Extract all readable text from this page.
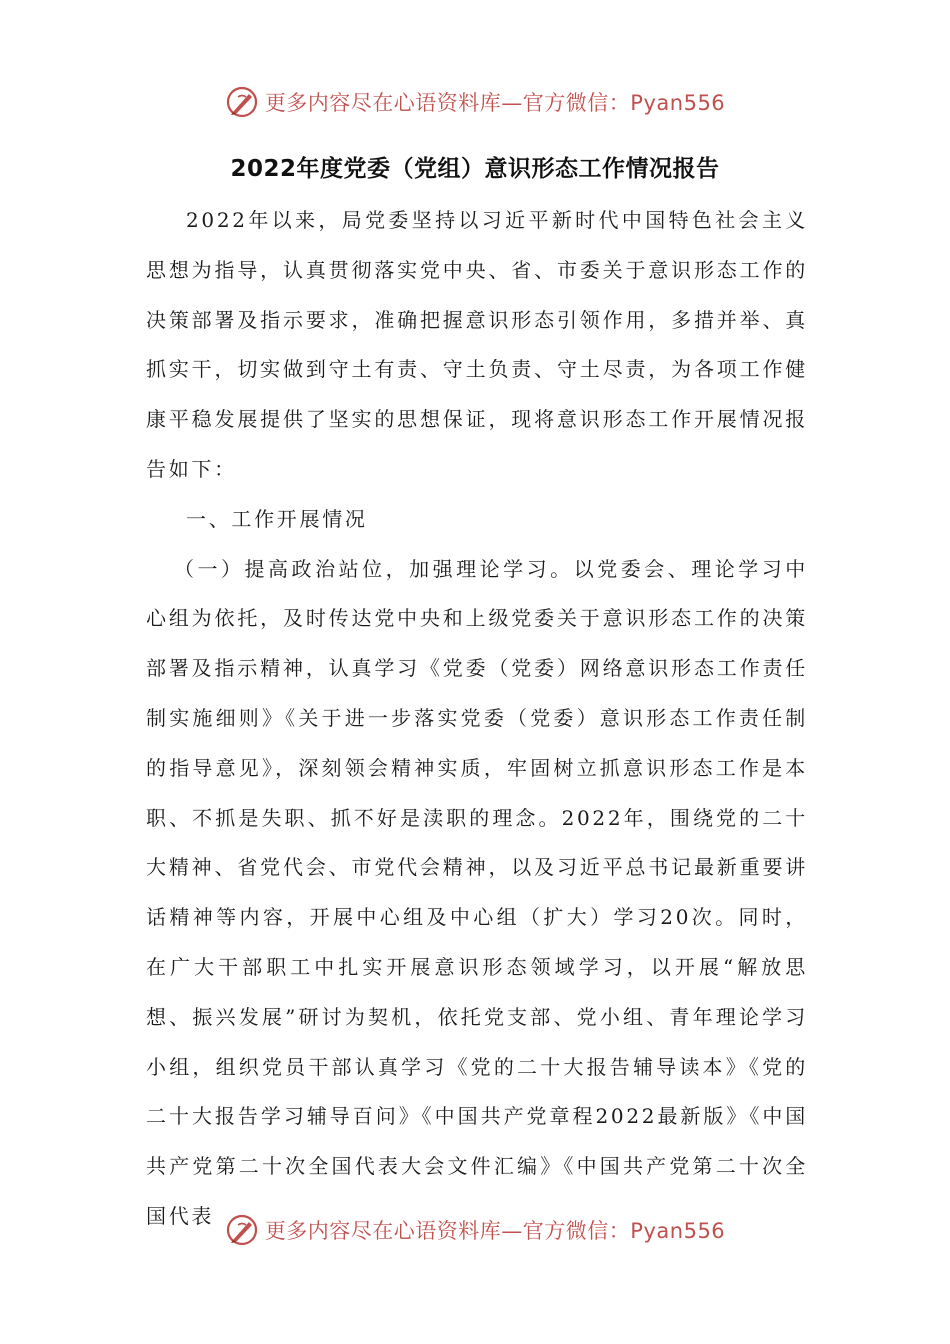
更多内容尽在心语资料库—官方微信：Pyan556
2022年度党委（党组）意识形态工作情况报告

2022年以来，局党委坚持以习近平新时代中国特色社会主义思想为指导，认真贯彻落实党中央、省、市委关于意识形态工作的决策部署及指示要求，准确把握意识形态引领作用，多措并举、真抓实干，切实做到守土有责、守土负责、守土尽责，为各项工作健康平稳发展提供了坚实的思想保证，现将意识形态工作开展情况报告如下：

一、工作开展情况

（一）提高政治站位，加强理论学习。以党委会、理论学习中心组为依托，及时传达党中央和上级党委关于意识形态工作的决策部署及指示精神，认真学习《党委（党委）网络意识形态工作责任制实施细则》《关于进一步落实党委（党委）意识形态工作责任制的指导意见》，深刻领会精神实质，牢固树立抓意识形态工作是本职、不抓是失职、抓不好是渎职的理念。2022年，围绕党的二十大精神、省党代会、市党代会精神，以及习近平总书记最新重要讲话精神等内容，开展中心组及中心组（扩大）学习20次。同时，在广大干部职工中扎实开展意识形态领域学习，以开展“解放思想、振兴发展”研讨为契机，依托党支部、党小组、青年理论学习小组，组织党员干部认真学习《党的二十大报告辅导读本》《党的二十大报告学习辅导百问》《中国共产党章程2022最新版》《中国共产党第二十次全国代表大会文件汇编》《中国共产党第二十次全国代表

更多内容尽在心语资料库—官方微信：Pyan556
